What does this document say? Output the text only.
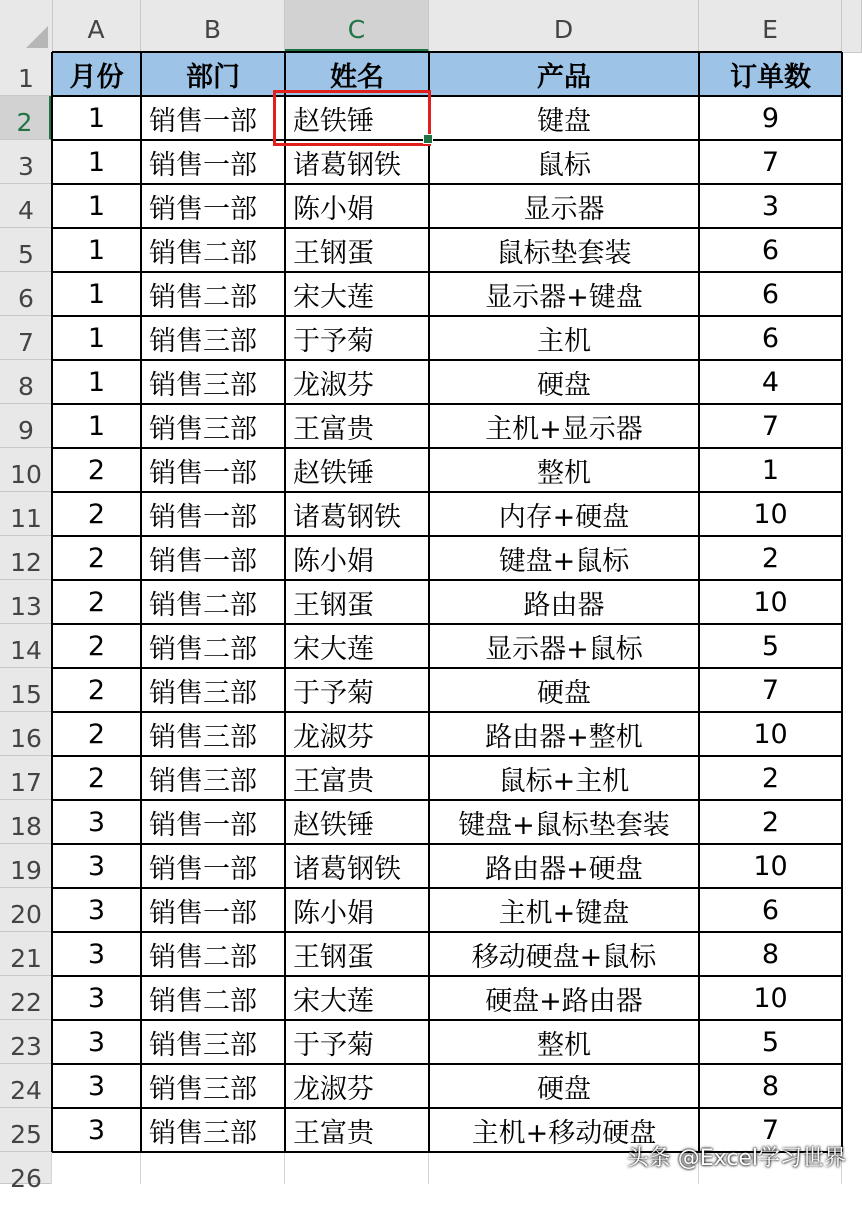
A	B	C	D	E
1
2
3
4
5
6
7
8
9
10
11
12
13
14
15
16
17
18
19
20
21
22
23
24
25
26
月份	部门	姓名	产品	订单数
1	销售一部	赵铁锤	键盘	9
1	销售一部	诸葛钢铁	鼠标	7
1	销售一部	陈小娟	显示器	3
1	销售二部	王钢蛋	鼠标垫套装	6
1	销售二部	宋大莲	显示器+键盘	6
1	销售三部	于予菊	主机	6
1	销售三部	龙淑芬	硬盘	4
1	销售三部	王富贵	主机+显示器	7
2	销售一部	赵铁锤	整机	1
2	销售一部	诸葛钢铁	内存+硬盘	10
2	销售一部	陈小娟	键盘+鼠标	2
2	销售二部	王钢蛋	路由器	10
2	销售二部	宋大莲	显示器+鼠标	5
2	销售三部	于予菊	硬盘	7
2	销售三部	龙淑芬	路由器+整机	10
2	销售三部	王富贵	鼠标+主机	2
3	销售一部	赵铁锤	键盘+鼠标垫套装	2
3	销售一部	诸葛钢铁	路由器+硬盘	10
3	销售一部	陈小娟	主机+键盘	6
3	销售二部	王钢蛋	移动硬盘+鼠标	8
3	销售二部	宋大莲	硬盘+路由器	10
3	销售三部	于予菊	整机	5
3	销售三部	龙淑芬	硬盘	8
3	销售三部	王富贵	主机+移动硬盘	7
头条 @Excel学习世界
